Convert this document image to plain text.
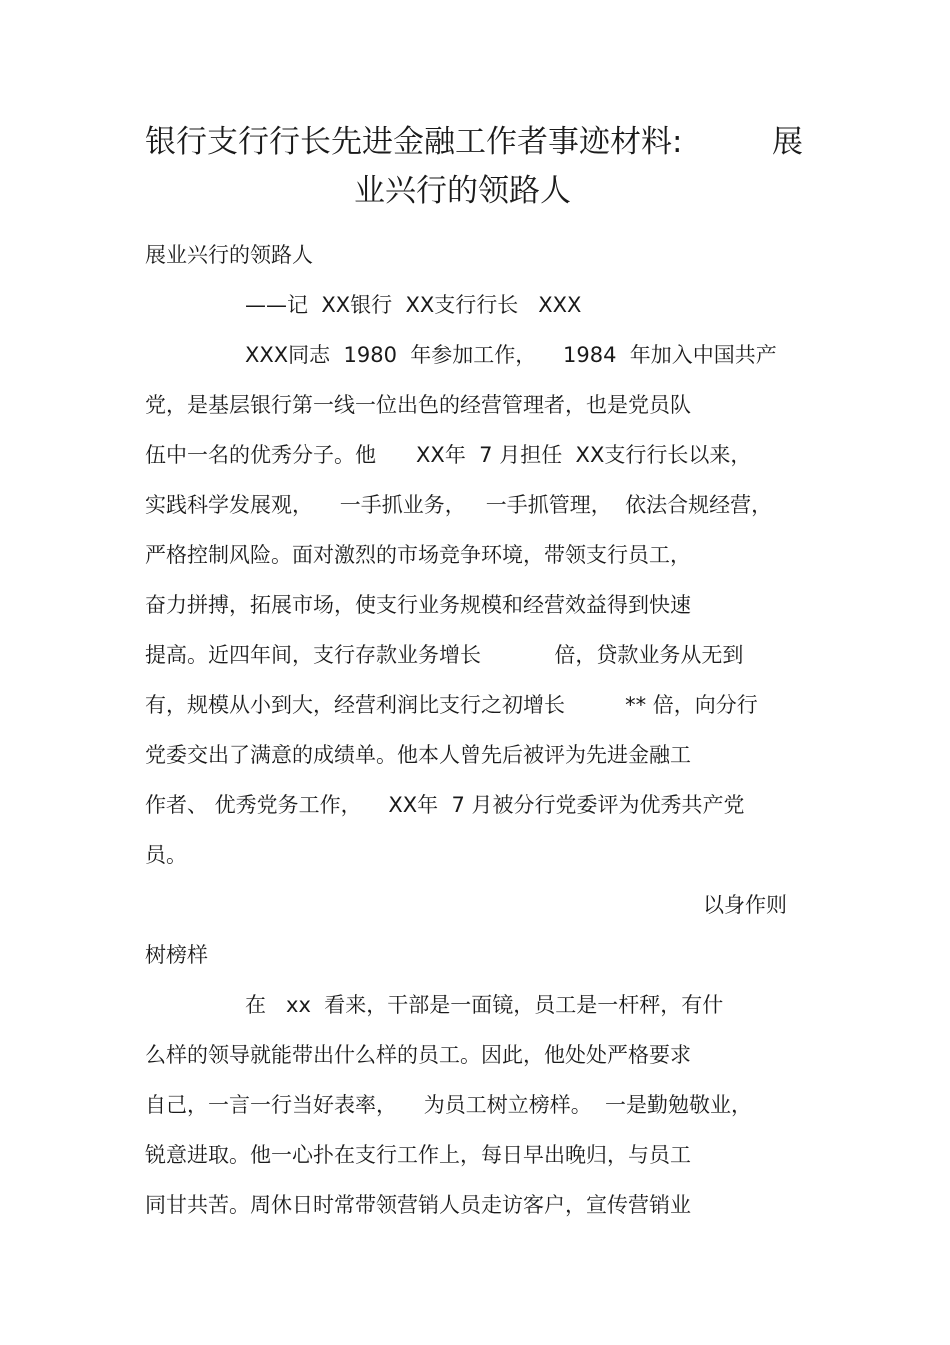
银行支行行长先进金融工作者事迹材料:	展
业兴行的领路人
展业兴行的领路人
——记  XX银行  XX支行行长   XXX
XXX同志  1980  年参加工作，    1984  年加入中国共产
党，是基层银行第一线一位出色的经营管理者，也是党员队
伍中一名的优秀分子。他      XX年  7 月担任  XX支行行长以来，
实践科学发展观，    一手抓业务，   一手抓管理，  依法合规经营，
严格控制风险。面对激烈的市场竞争环境，带领支行员工，
奋力拼搏，拓展市场，使支行业务规模和经营效益得到快速
提高。近四年间，支行存款业务增长           倍，贷款业务从无到
有，规模从小到大，经营利润比支行之初增长         ** 倍，向分行
党委交出了满意的成绩单。他本人曾先后被评为先进金融工
作者、 优秀党务工作，    XX年  7 月被分行党委评为优秀共产党
员。
以身作则
树榜样
在   xx  看来，干部是一面镜，员工是一杆秤，有什
么样的领导就能带出什么样的员工。因此，他处处严格要求
自己，一言一行当好表率，    为员工树立榜样。  一是勤勉敬业，
锐意进取。他一心扑在支行工作上，每日早出晚归，与员工
同甘共苦。周休日时常带领营销人员走访客户，宣传营销业
